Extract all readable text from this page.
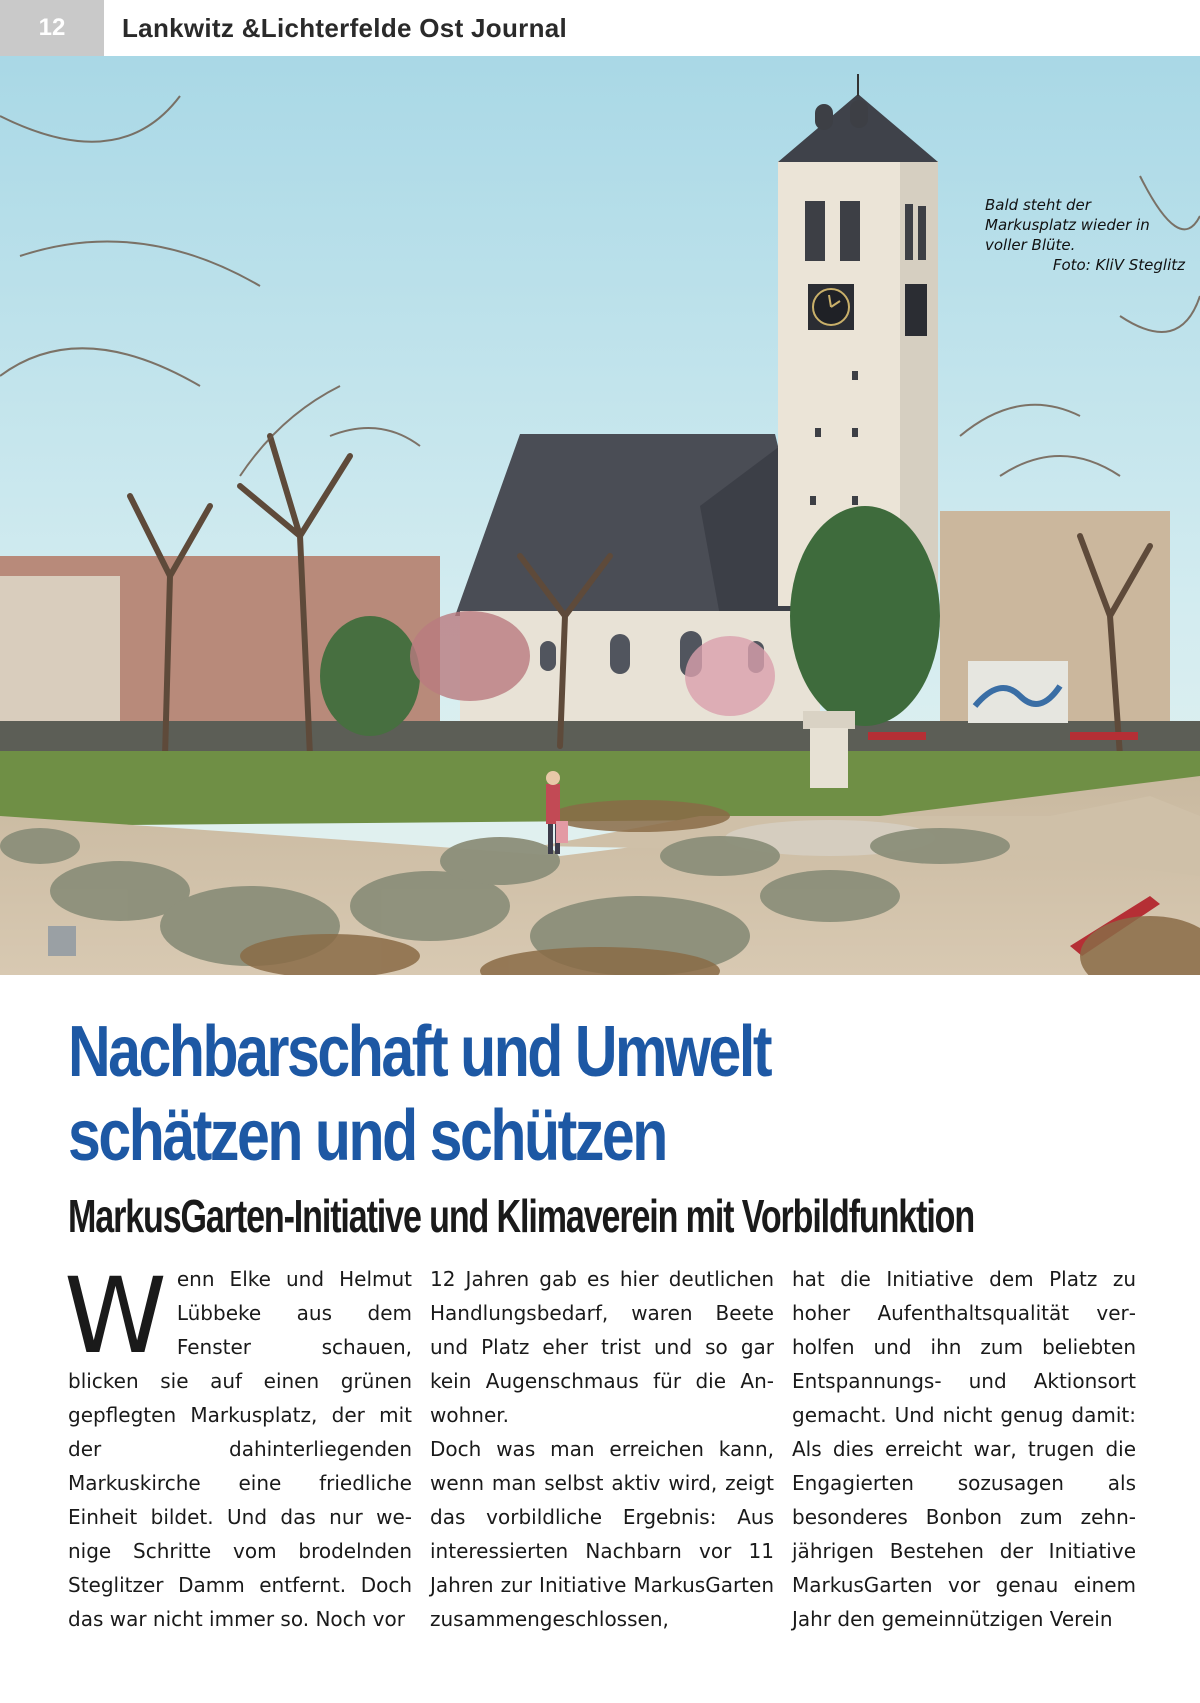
12	Lankwitz &Lichterfelde Ost Journal
Bald steht der
Markusplatz wieder in
voller Blüte.

Foto: KliV Steglitz
Nachbarschaft und Umwelt
schätzen und schützen
MarkusGarten-Initiative und Klimaverein mit Vorbildfunktion
W enn Elke und Helmut Lübbeke aus dem Fenster schauen, blicken sie auf einen grünen gepflegten Markusplatz, der mit der dahinterliegenden Markuskirche eine friedliche Einheit bildet. Und das nur wenige Schritte vom brodelnden Steglitzer Damm entfernt. Doch das war nicht immer so. Noch vor

12 Jahren gab es hier deutlichen Handlungsbedarf, waren Beete und Platz eher trist und so gar kein Augenschmaus für die Anwohner.

Doch was man erreichen kann, wenn man selbst aktiv wird, zeigt das vorbildliche Ergebnis: Aus interessierten Nachbarn vor 11 Jahren zur Initiative MarkusGarten zusammengeschlossen,

hat die Initiative dem Platz zu hoher Aufenthaltsqualität verholfen und ihn zum beliebten Entspannungs- und Aktionsort gemacht. Und nicht genug damit: Als dies erreicht war, trugen die Engagierten sozusagen als besonderes Bonbon zum zehnjährigen Bestehen der Initiative MarkusGarten vor genau einem Jahr den gemeinnützigen Verein
